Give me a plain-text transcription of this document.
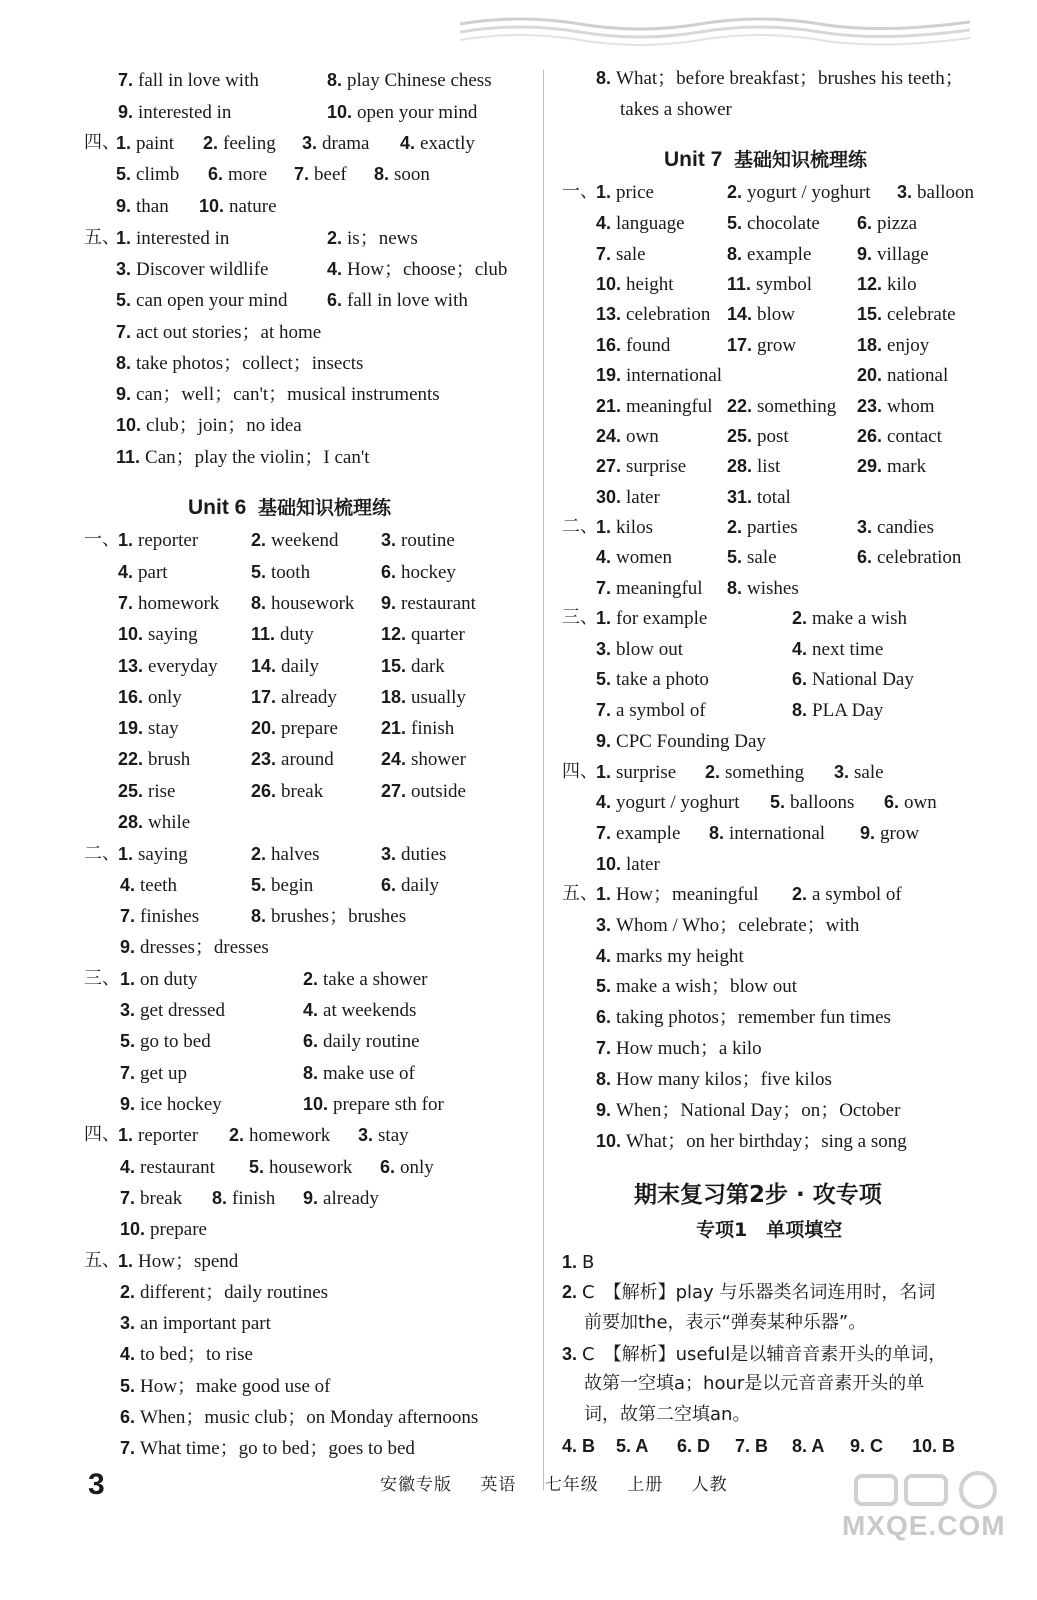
7. fall in love with	8. play Chinese chess
9. interested in	10. open your mind
四、
1. paint 2. feeling 3. drama 4. exactly
5. climb 6. more 7. beef 8. soon
9. than 10. nature
五、
1. interested in	2. is；news
3. Discover wildlife	4. How；choose；club
5. can open your mind 6. fall in love with
7. act out stories；at home
8. take photos；collect；insects
9. can；well；can't；musical instruments
10. club；join；no idea
11. Can；play the violin；I can't
一、
1. reporter	2. weekend 3. routine
4. part	5. tooth	6. hockey
7. homework 8. housework 9. restaurant
10. saying	11. duty	12. quarter
13. everyday 14. daily	15. dark
16. only	17. already 18. usually
19. stay	20. prepare 21. finish
22. brush	23. around	24. shower
25. rise	26. break	27. outside
28. while
二、
1. saying	2. halves	3. duties
4. teeth	5. begin	6. daily
7. finishes	8. brushes；brushes
9. dresses；dresses
三、 1. on duty	2. take a shower
3. get dressed	4. at weekends
5. go to bed	6. daily routine
7. get up	8. make use of
9. ice hockey	10. prepare sth for
四、
1. reporter 2. homework 3. stay
4. restaurant 5. housework 6. only
7. break 8. finish 9. already
10. prepare
五、
1. How；spend
2. different；daily routines
3. an important part
4. to bed；to rise
5. How；make good use of
6. When；music club；on Monday afternoons
7. What time；go to bed；goes to bed
8. What；before breakfast；brushes his teeth；
takes a shower
一、
1. price	2. yogurt / yoghurt 3. balloon
4. language 5. chocolate 6. pizza
7. sale	8. example	9. village
10. height	11. symbol	12. kilo
13. celebration 14. blow	15. celebrate
16. found	17. grow	18. enjoy
19. international	20. national
21. meaningful 22. something 23. whom
24. own	25. post	26. contact
27. surprise 28. list	29. mark
30. later	31. total
二、
1. kilos	2. parties	3. candies
4. women	5. sale	6. celebration
7. meaningful 8. wishes
三、
1. for example	2. make a wish
3. blow out	4. next time
5. take a photo	6. National Day
7. a symbol of	8. PLA Day
9. CPC Founding Day
四、
1. surprise 2. something 3. sale
4. yogurt / yoghurt 5. balloons 6. own
7. example 8. international 9. grow
10. later
五、
1. How；meaningful 2. a symbol of
3. Whom / Who；celebrate；with
4. marks my height
5. make a wish；blow out
6. taking photos；remember fun times
7. How much；a kilo
8. How many kilos；five kilos
9. When；National Day；on；October
10. What；on her birthday；sing a song
1. B
2. C　【解析】play 与乐器类名词连用时，名词
前要加the，表示“弹奏某种乐器”。
3. C　【解析】useful是以辅音音素开头的单词，
故第一空填a；hour是以元音音素开头的单
词，故第二空填an。
4. B 5. A 6. D 7. B 8. A 9. C 10. B
Unit 6 基础知识梳理练
Unit 7 基础知识梳理练
期末复习第2步 · 攻专项
专项1　单项填空
3	安徽专版 英语 七年级 上册 人教
MXQE.COM
